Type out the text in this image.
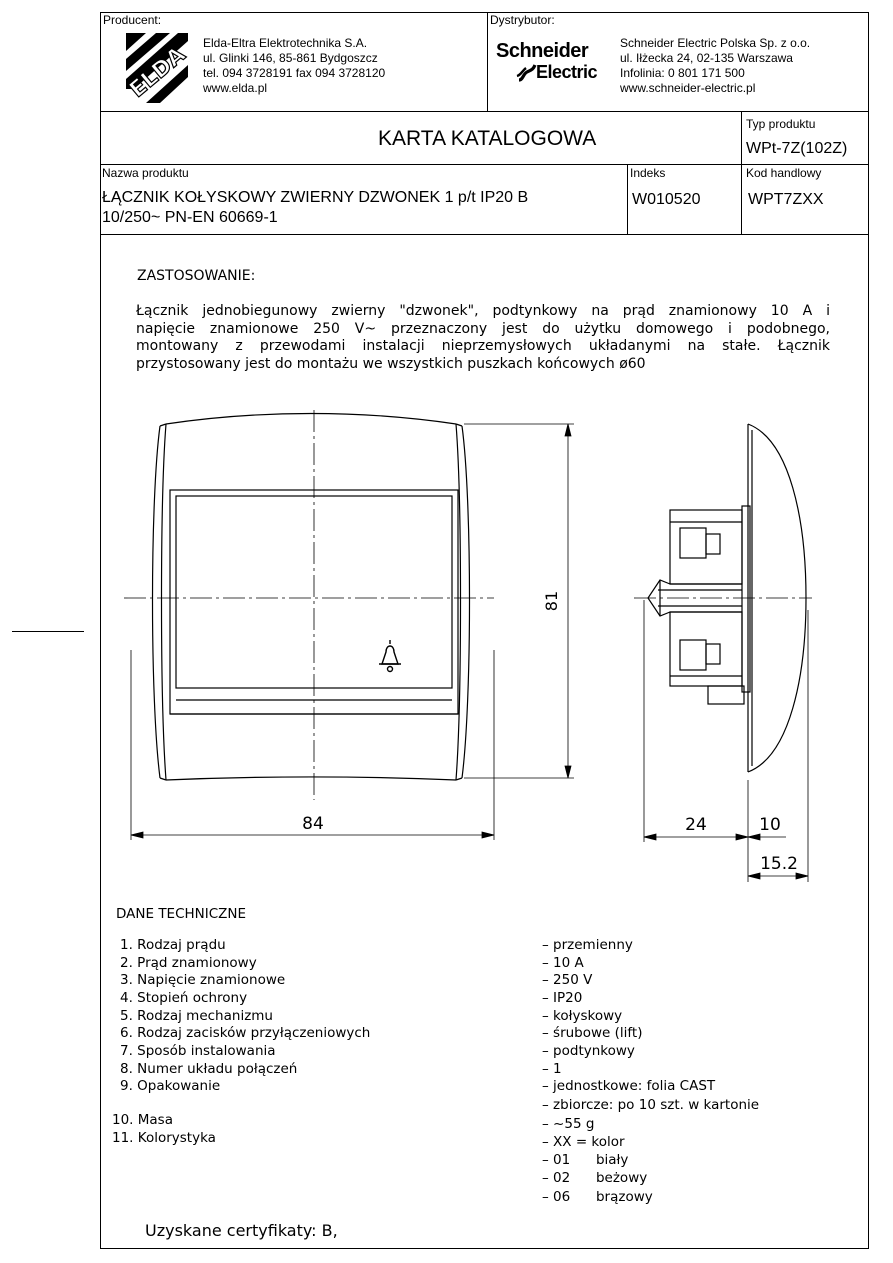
Producent:
ELDA Elda-Eltra Elektrotechnika S.A.
ul. Glinki 146, 85-861 Bydgoszcz
tel. 094 3728191 fax 094 3728120
www.elda.pl
Dystrybutor:
Schneider
Electric
Schneider Electric Polska Sp. z o.o.
ul. Iłżecka 24, 02-135 Warszawa
Infolinia: 0 801 171 500
www.schneider-electric.pl
KARTA KATALOGOWA
Typ produktu
WPt-7Z(102Z)
Nazwa produktu
ŁĄCZNIK KOŁYSKOWY ZWIERNY DZWONEK 1 p/t IP20 B
10/250~ PN-EN 60669-1
Indeks
W010520
Kod handlowy
WPT7ZXX
ZASTOSOWANIE:
Łącznik jednobiegunowy zwierny "dzwonek", podtynkowy na prąd znamionowy 10 A i
napięcie znamionowe 250 V~ przeznaczony jest do użytku domowego i podobnego,
montowany z przewodami instalacji nieprzemysłowych układanymi na stałe. Łącznik
przystosowany jest do montażu we wszystkich puszkach końcowych ø60
81
84	24	10
15.2
DANE TECHNICZNE
1. Rodzaj prądu
2. Prąd znamionowy
3. Napięcie znamionowe
4. Stopień ochrony
5. Rodzaj mechanizmu
6. Rodzaj zacisków przyłączeniowych
7. Sposób instalowania
8. Numer układu połączeń
9. Opakowanie
10. Masa
11. Kolorystyka
– przemienny
– 10 A
– 250 V
– IP20
– kołyskowy
– śrubowe (lift)
– podtynkowy
– 1
– jednostkowe: folia CAST
– zbiorcze: po 10 szt. w kartonie
– ~55 g
– XX = kolor
– 01      biały
– 02      beżowy
– 06      brązowy
Uzyskane certyfikaty: B,
